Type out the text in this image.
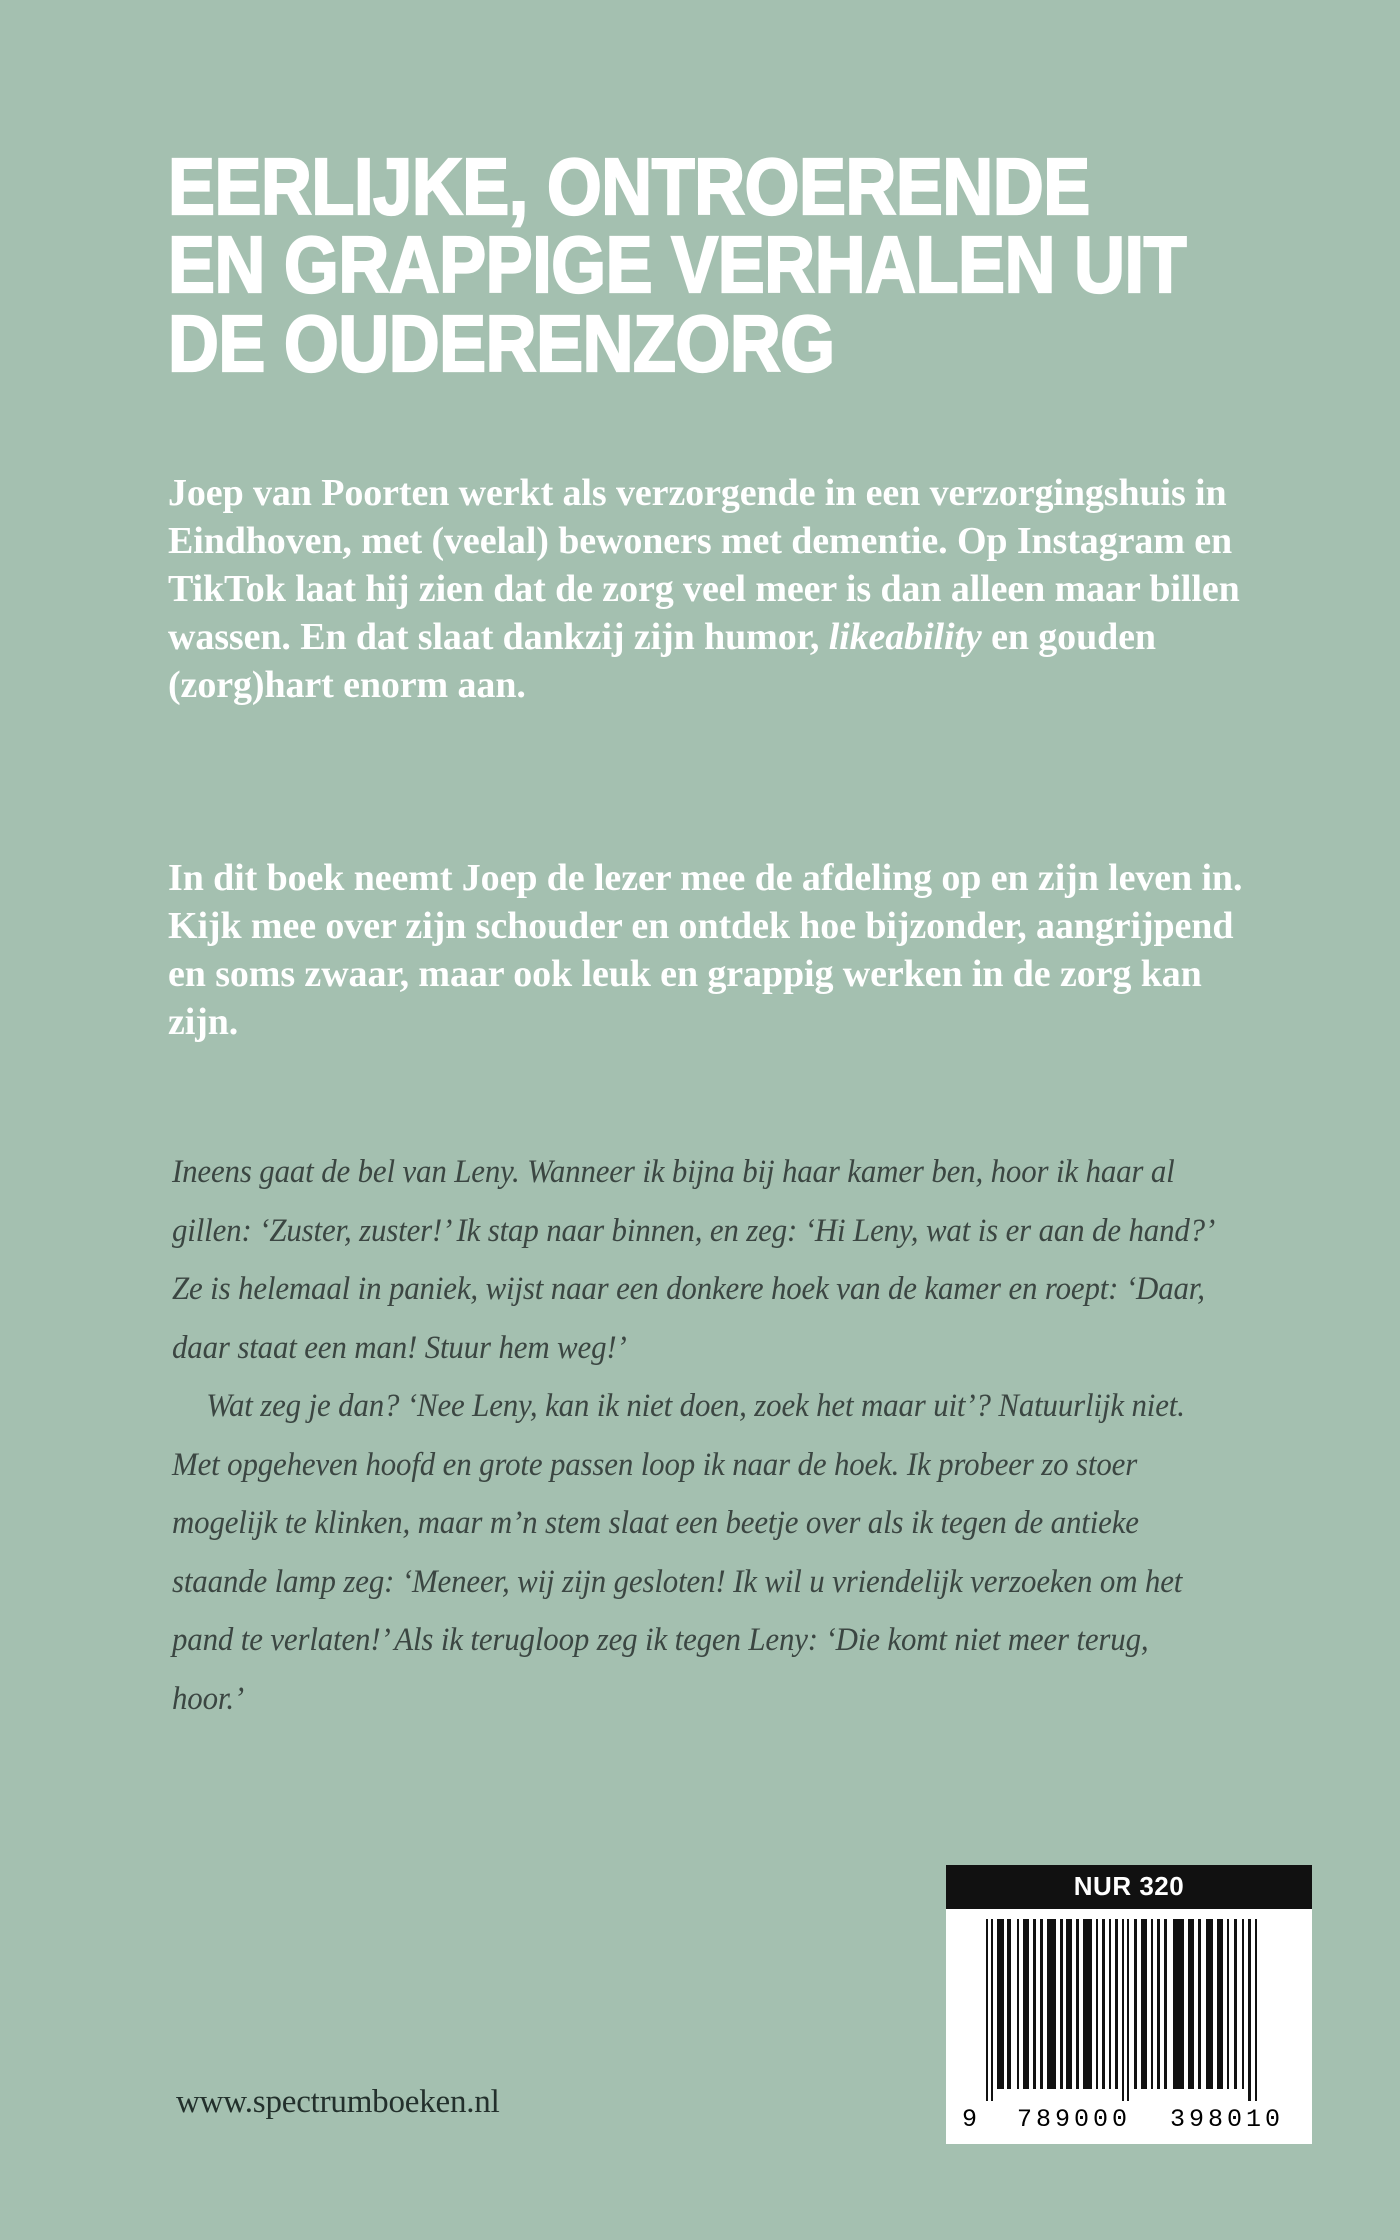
EERLIJKE, ONTROERENDE
EN GRAPPIGE VERHALEN UIT
DE OUDERENZORG
Joep van Poorten werkt als verzorgende in een verzorgingshuis in Eindhoven, met (veelal) bewoners met dementie. Op Instagram en TikTok laat hij zien dat de zorg veel meer is dan alleen maar billen wassen. En dat slaat dankzij zijn humor, likeability en gouden (zorg)hart enorm aan.
In dit boek neemt Joep de lezer mee de afdeling op en zijn leven in. Kijk mee over zijn schouder en ontdek hoe bijzonder, aangrijpend en soms zwaar, maar ook leuk en grappig werken in de zorg kan zijn.

Ineens gaat de bel van Leny. Wanneer ik bijna bij haar kamer ben, hoor ik haar al gillen: ‘Zuster, zuster!’ Ik stap naar binnen, en zeg: ‘Hi Leny, wat is er aan de hand?’ Ze is helemaal in paniek, wijst naar een donkere hoek van de kamer en roept: ‘Daar, daar staat een man! Stuur hem weg!’

Wat zeg je dan? ‘Nee Leny, kan ik niet doen, zoek het maar uit’? Natuurlijk niet. Met opgeheven hoofd en grote passen loop ik naar de hoek. Ik probeer zo stoer mogelijk te klinken, maar m’n stem slaat een beetje over als ik tegen de antieke staande lamp zeg: ‘Meneer, wij zijn gesloten! Ik wil u vriendelijk verzoeken om het pand te verlaten!’ Als ik terugloop zeg ik tegen Leny: ‘Die komt niet meer terug, hoor.’

NUR 320
9 789000 398010
www.spectrumboeken.nl
